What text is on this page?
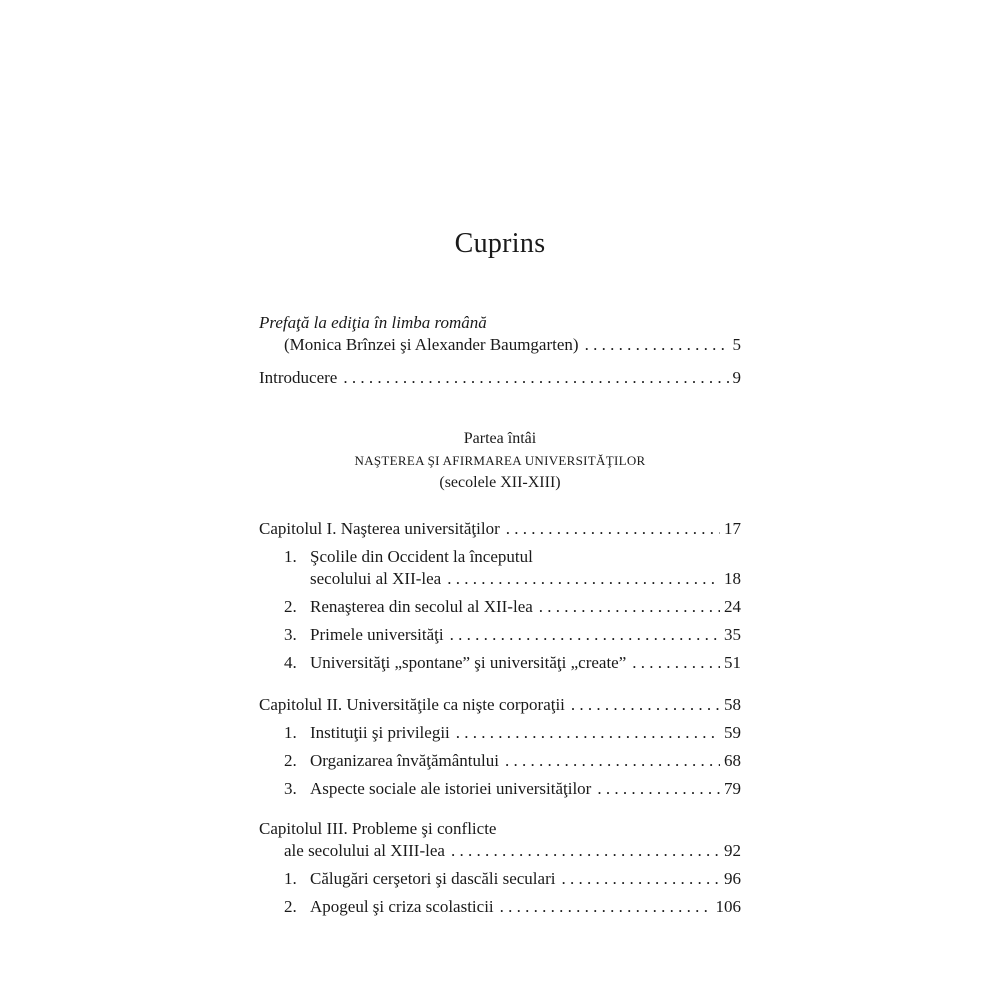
Cuprins
Prefaţă la ediţia în limba română
(Monica Brînzei şi Alexander Baumgarten) . . .	5
Introducere . . .	9
Partea întâi
NAŞTEREA ŞI AFIRMAREA UNIVERSITĂŢILOR
(secolele XII-XIII)
Capitolul I. Naşterea universităţilor . . .	17
1. Şcolile din Occident la începutul
secolului al XII-lea . . .	18
2. Renaşterea din secolul al XII-lea . . .	24
3. Primele universităţi . . .	35
4. Universităţi „spontane” şi universităţi „create” . . .	51
Capitolul II. Universităţile ca nişte corporaţii . . .	58
1. Instituţii şi privilegii . . .	59
2. Organizarea învăţământului . . .	68
3. Aspecte sociale ale istoriei universităţilor . . .	79
Capitolul III. Probleme şi conflicte
ale secolului al XIII-lea . . .	92
1. Călugări cerşetori şi dascăli seculari . . .	96
2. Apogeul şi criza scolasticii . . .	106
